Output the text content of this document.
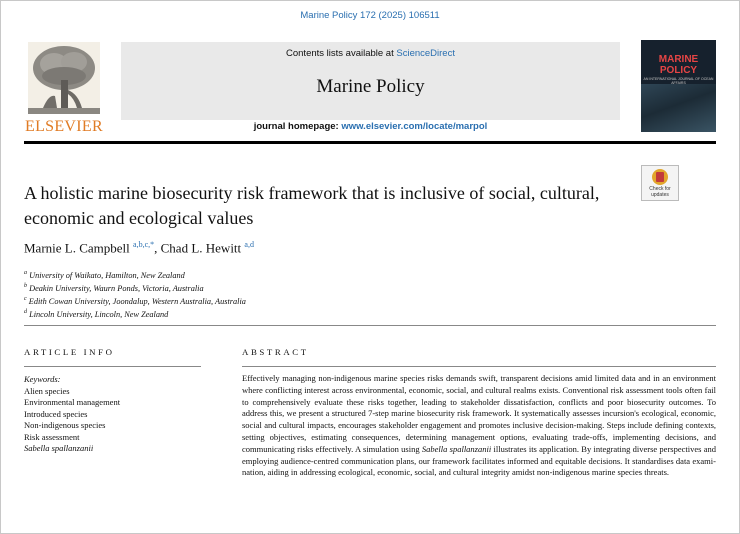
Marine Policy 172 (2025) 106511
ELSEVIER
Contents lists available at ScienceDirect
Marine Policy
journal homepage: www.elsevier.com/locate/marpol
MARINE
POLICY
AN INTERNATIONAL JOURNAL OF OCEAN AFFAIRS
Check for
updates
A holistic marine biosecurity risk framework that is inclusive of social, cultural, economic and ecological values
Marnie L. Campbell $^{a,b,c,*}$, Chad L. Hewitt $^{a,d}$
$^a$ University of Waikato, Hamilton, New Zealand
$^b$ Deakin University, Waurn Ponds, Victoria, Australia
$^c$ Edith Cowan University, Joondalup, Western Australia, Australia
$^d$ Lincoln University, Lincoln, New Zealand
ARTICLE INFO	ABSTRACT
Keywords:
Alien species
Environmental management
Introduced species
Non-indigenous species
Risk assessment
Sabella spallanzanii

Effectively managing non-indigenous marine species risks demands swift, transparent decisions amid limited data and in an environment where conflicting interest across environmental, economic, social, and cultural realms exists. Conventional risk assessment tools often fail to comprehensively evaluate these risks together, leading to stakeholder dissatisfaction, conflicts and poor biosecurity outcomes. To address this, we present a structured 7-step marine biosecurity risk framework. It systematically assesses incursion's ecological, economic, social and cultural impacts, encourages stakeholder engagement and promotes inclusive decision-making. Steps include defining contexts, setting objectives, estimating consequences, determining management options, evaluating trade-offs, implementing decisions, and communicating risks effectively. A simulation using Sabella spallanzanii illustrates its application. By integrating diverse perspectives and employing audience-centred communication plans, our framework facilitates informed and equitable decisions. It standardises data examination, aiding in addressing ecological, economic, social, and cultural integrity amidst non-indigenous marine species threats.
